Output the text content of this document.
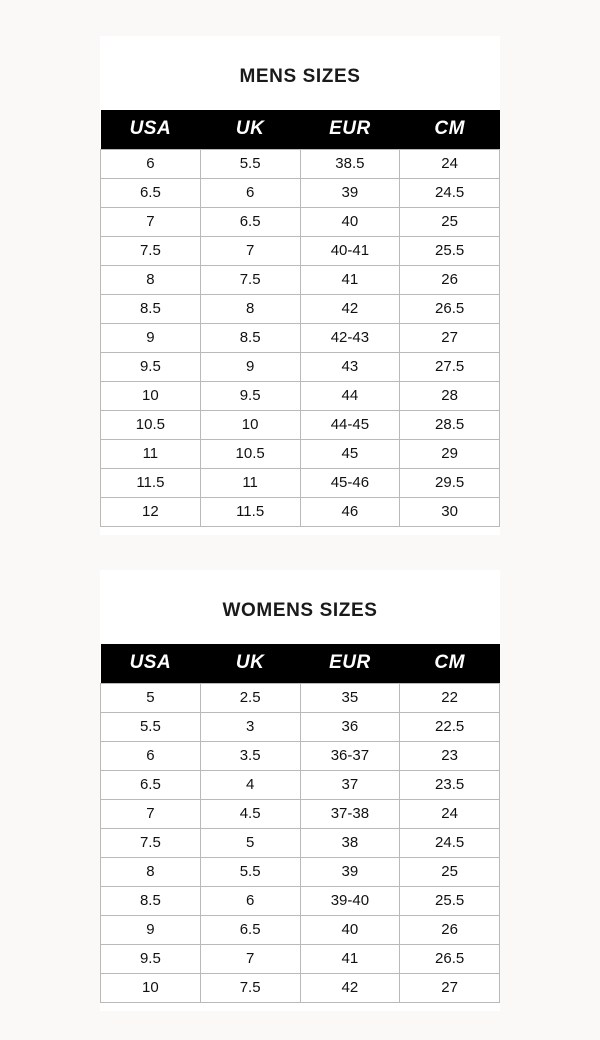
MENS SIZES
USA	UK	EUR	CM
6	5.5	38.5	24
6.5	6	39	24.5
7	6.5	40	25
7.5	7	40-41	25.5
8	7.5	41	26
8.5	8	42	26.5
9	8.5	42-43	27
9.5	9	43	27.5
10	9.5	44	28
10.5	10	44-45	28.5
11	10.5	45	29
11.5	11	45-46	29.5
12	11.5	46	30
WOMENS SIZES
USA	UK	EUR	CM
5	2.5	35	22
5.5	3	36	22.5
6	3.5	36-37	23
6.5	4	37	23.5
7	4.5	37-38	24
7.5	5	38	24.5
8	5.5	39	25
8.5	6	39-40	25.5
9	6.5	40	26
9.5	7	41	26.5
10	7.5	42	27
